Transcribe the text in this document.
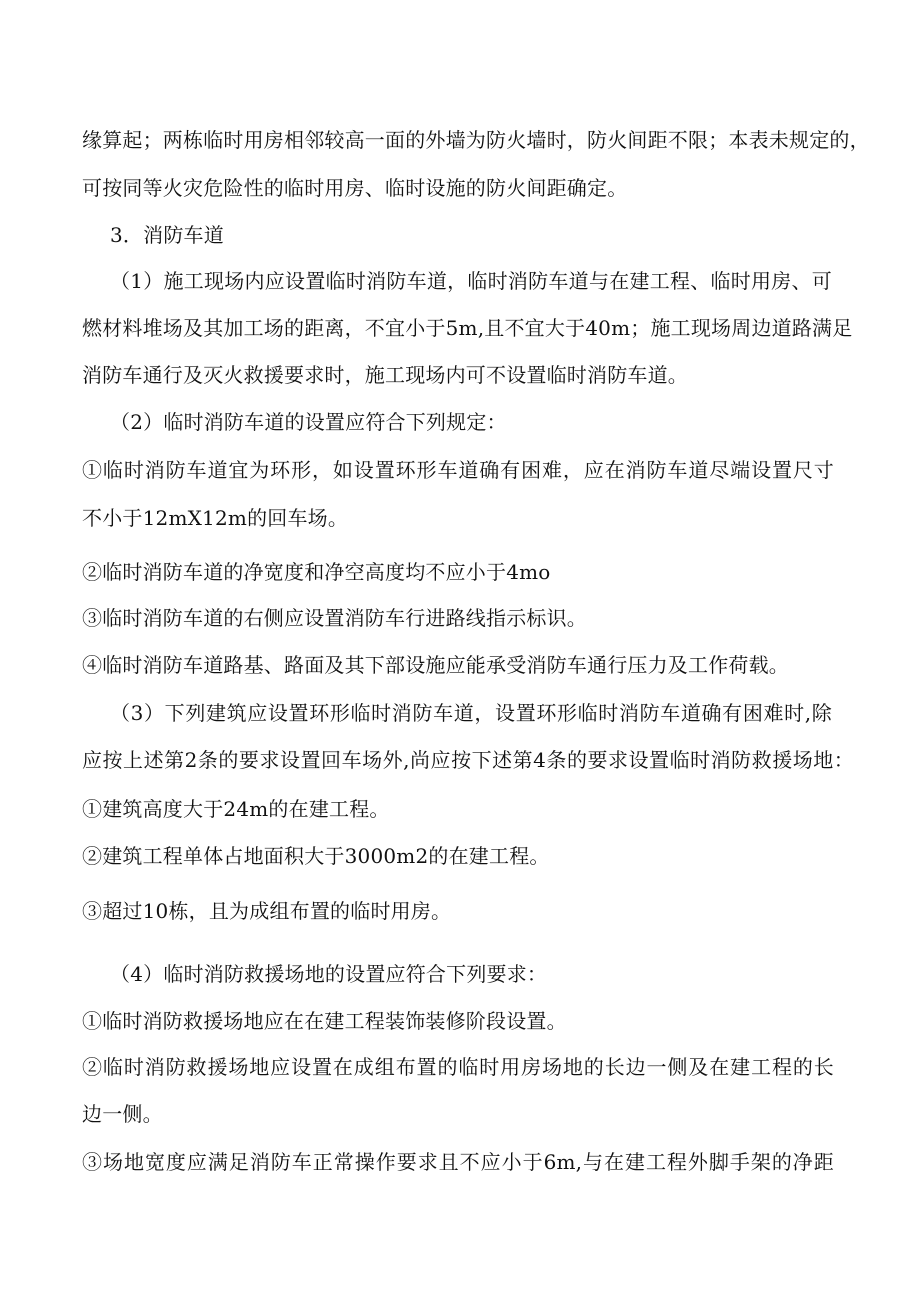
缘算起；两栋临时用房相邻较高一面的外墙为防火墙时，防火间距不限；本表未规定的，
可按同等火灾危险性的临时用房、临时设施的防火间距确定。
3．消防车道
（1）施工现场内应设置临时消防车道，临时消防车道与在建工程、临时用房、可
燃材料堆场及其加工场的距离，不宜小于5m,且不宜大于40m；施工现场周边道路满足
消防车通行及灭火救援要求时，施工现场内可不设置临时消防车道。
（2）临时消防车道的设置应符合下列规定：
①临时消防车道宜为环形，如设置环形车道确有困难，应在消防车道尽端设置尺寸
不小于12mX12m的回车场。
②临时消防车道的净宽度和净空高度均不应小于4mo
③临时消防车道的右侧应设置消防车行进路线指示标识。
④临时消防车道路基、路面及其下部设施应能承受消防车通行压力及工作荷载。
（3）下列建筑应设置环形临时消防车道，设置环形临时消防车道确有困难时,除
应按上述第2条的要求设置回车场外,尚应按下述第4条的要求设置临时消防救援场地：
①建筑高度大于24m的在建工程。
②建筑工程单体占地面积大于3000m2的在建工程。
③超过10栋，且为成组布置的临时用房。
（4）临时消防救援场地的设置应符合下列要求：
①临时消防救援场地应在在建工程装饰装修阶段设置。
②临时消防救援场地应设置在成组布置的临时用房场地的长边一侧及在建工程的长
边一侧。
③场地宽度应满足消防车正常操作要求且不应小于6m,与在建工程外脚手架的净距
